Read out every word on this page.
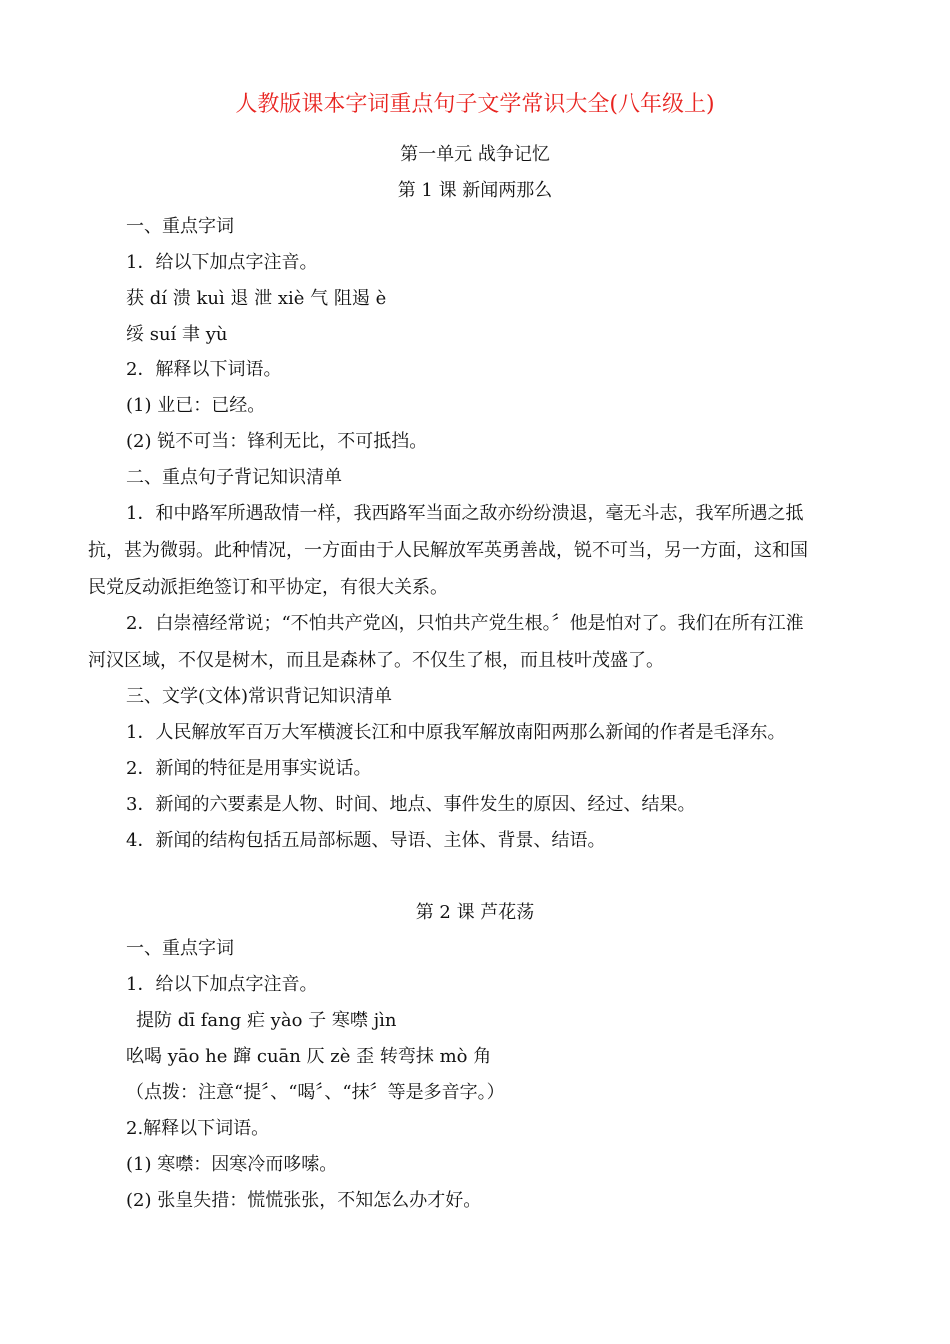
人教版课本字词重点句子文学常识大全(八年级上)
第一单元 战争记忆
第 1 课 新闻两那么
一、重点字词
1．给以下加点字注音。
获 dí 溃 kuì 退 泄 xiè 气 阻遏 è
绥 suí 聿 yù
2．解释以下词语。
(1) 业已：已经。
(2) 锐不可当：锋利无比，不可抵挡。
二、重点句子背记知识清单
1．和中路军所遇敌情一样，我西路军当面之敌亦纷纷溃退，毫无斗志，我军所遇之抵
抗，甚为微弱。此种情况，一方面由于人民解放军英勇善战，锐不可当，另一方面，这和国
民党反动派拒绝签订和平协定，有很大关系。
2．白崇禧经常说；“不怕共产党凶，只怕共产党生根。〞他是怕对了。我们在所有江淮
河汉区域，不仅是树木，而且是森林了。不仅生了根，而且枝叶茂盛了。
三、文学(文体)常识背记知识清单
1．人民解放军百万大军横渡长江和中原我军解放南阳两那么新闻的作者是毛泽东。
2．新闻的特征是用事实说话。
3．新闻的六要素是人物、时间、地点、事件发生的原因、经过、结果。
4．新闻的结构包括五局部标题、导语、主体、背景、结语。
第 2 课 芦花荡
一、重点字词
1．给以下加点字注音。
提防 dī fang 疟 yào 子 寒噤 jìn
吆喝 yāo he 蹿 cuān 仄 zè 歪 转弯抹 mò 角
（点拨：注意“提〞、“喝〞、“抹〞等是多音字。）
2.解释以下词语。
(1) 寒噤：因寒冷而哆嗦。
(2) 张皇失措：慌慌张张，不知怎么办才好。
